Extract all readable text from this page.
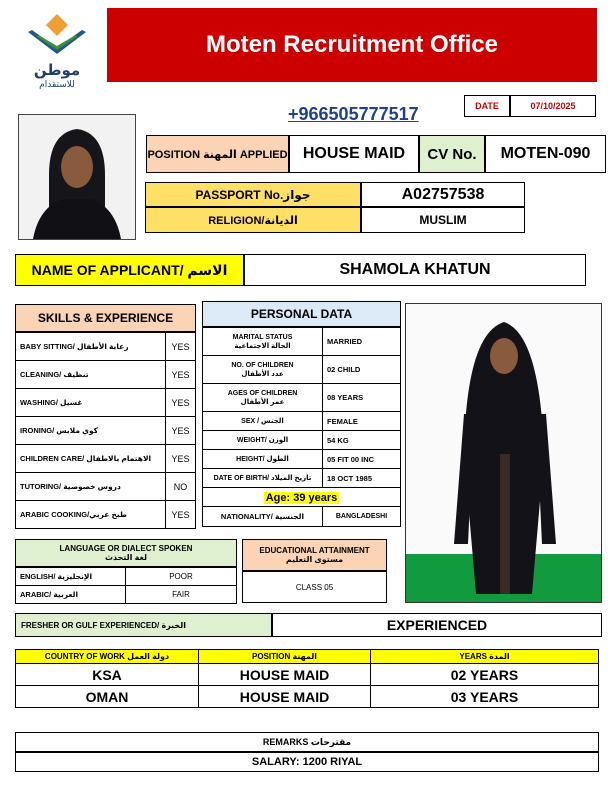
موطن
للاستقدام
Moten Recruitment Office
+966505777517	DATE	07/10/2025
POSITION المهنة APPLIED HOUSE MAID	CV No.	MOTEN-090
PASSPORT No.جواز	A02757538
RELIGION/الديانة	MUSLIM
NAME OF APPLICANT/ الاسم	SHAMOLA KHATUN
SKILLS & EXPERIENCE
BABY SITTING/ رعاية الأطفال	YES
CLEANING/ تنظيف	YES
WASHING/ غسيل	YES
IRONING/ كوي ملابس	YES
CHILDREN CARE/ الاهتمام بالاطفال	YES
TUTORING/ دروس خصوصية	NO
ARABIC COOKING/طبخ عربي	YES
PERSONAL DATA
MARITAL STATUS
الحالة الاجتماعية	MARRIED

NO. OF CHILDREN
عدد الأطفال	02 CHILD

AGES OF CHILDREN
عمر الأطفال	08 YEARS

SEX / الجنس	FEMALE

WEIGHT/ الوزن	54 KG

HEIGHT/ الطول	05 FIT 00 INC

DATE OF BIRTH/ تاريخ الميلاد	18 OCT 1985
Age: 39 years	
NATIONALITY/ الجنسية	BANGLADESHI
LANGUAGE OR DIALECT SPOKEN
لغة التحدث
ENGLISH/ الإنجليزية	POOR
ARABIC/ العربية	FAIR
EDUCATIONAL ATTAINMENT
مستوى التعليم
CLASS 05
FRESHER OR GULF EXPERIENCED/ الخبرة	EXPERIENCED
COUNTRY OF WORK دولة العمل	POSITION المهنة	YEARS المدة
KSA	HOUSE MAID	02 YEARS
OMAN	HOUSE MAID	03 YEARS
REMARKS مقترحات
SALARY: 1200 RIYAL
